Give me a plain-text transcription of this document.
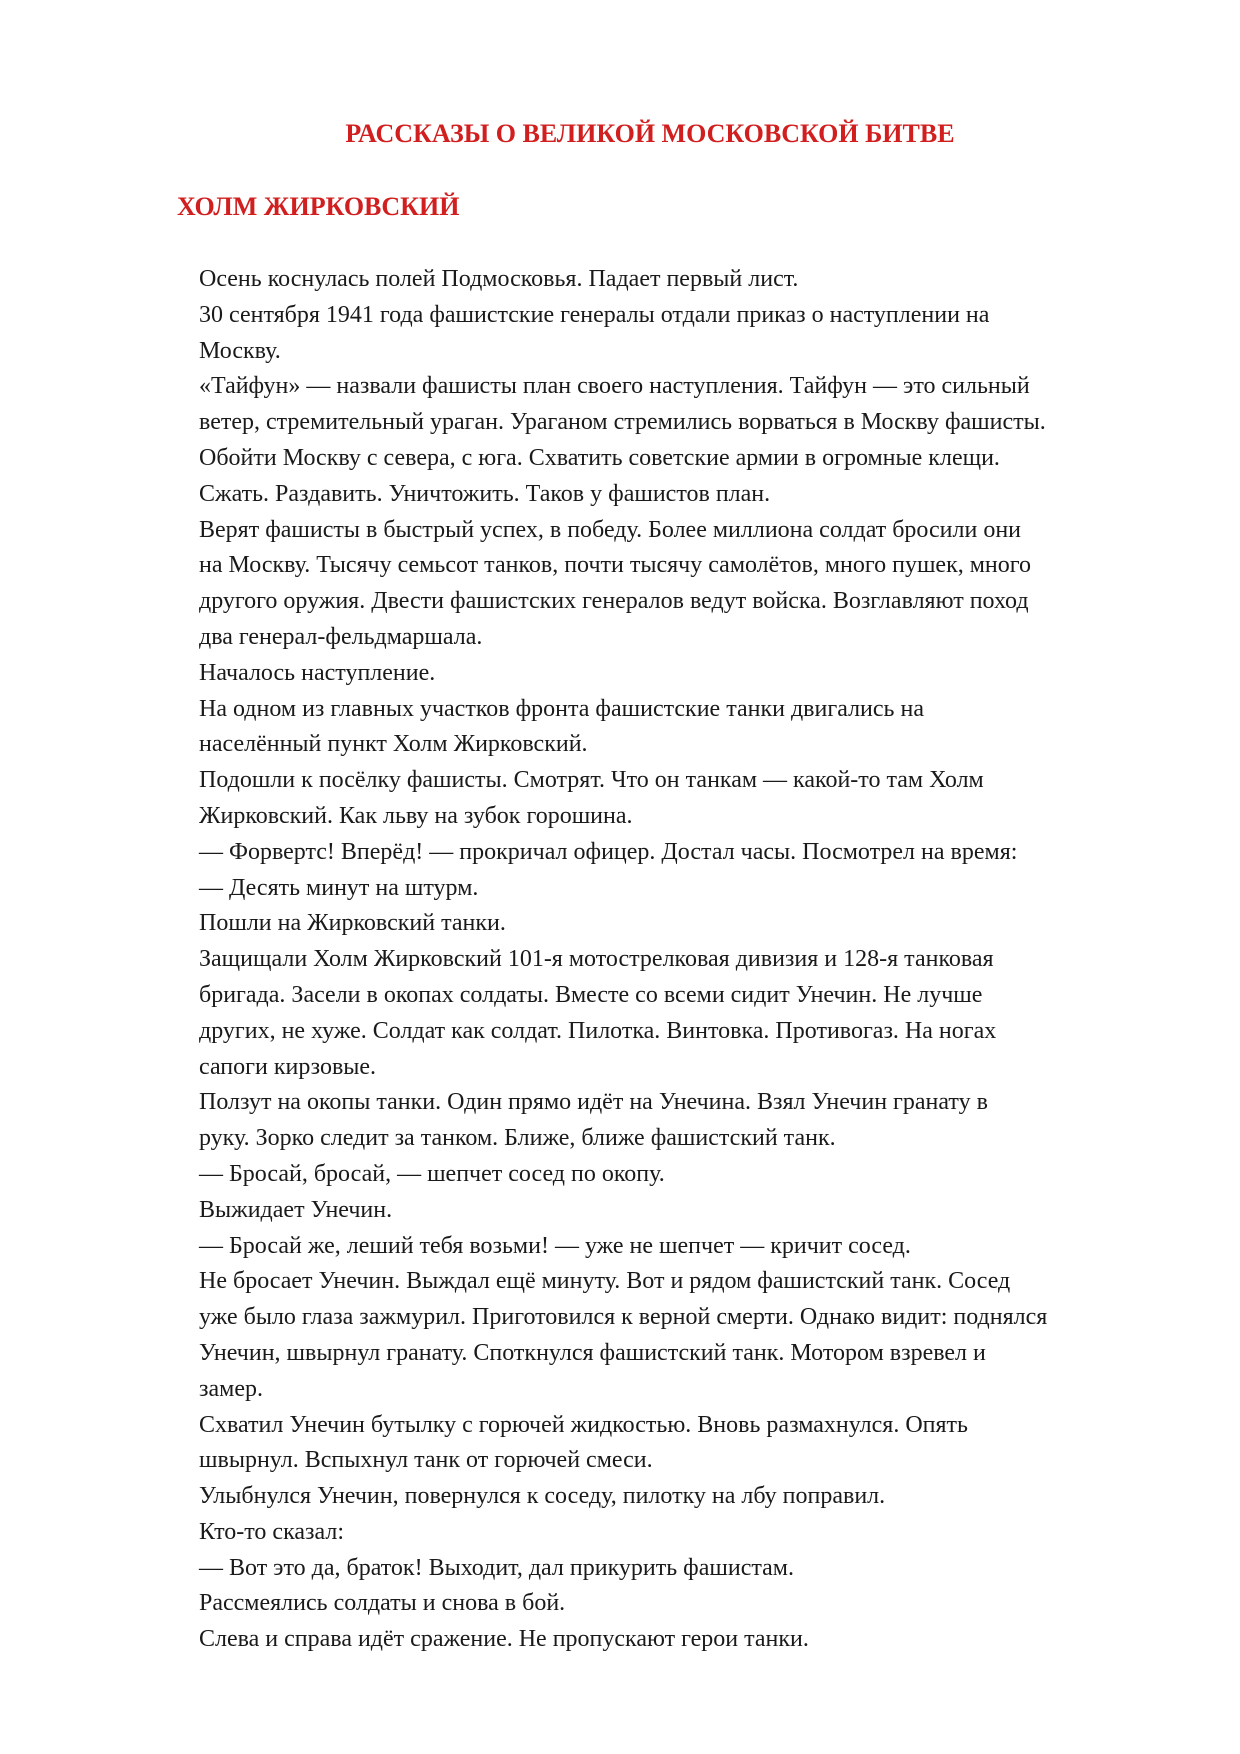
РАССКАЗЫ О ВЕЛИКОЙ МОСКОВСКОЙ БИТВЕ
ХОЛМ ЖИРКОВСКИЙ

Осень коснулась полей Подмосковья. Падает первый лист.

30 сентября 1941 года фашистские генералы отдали приказ о наступлении на
Москву.

«Тайфун» — назвали фашисты план своего наступления. Тайфун — это сильный
ветер, стремительный ураган. Ураганом стремились ворваться в Москву фашисты.

Обойти Москву с севера, с юга. Схватить советские армии в огромные клещи.
Сжать. Раздавить. Уничтожить. Таков у фашистов план.

Верят фашисты в быстрый успех, в победу. Более миллиона солдат бросили они
на Москву. Тысячу семьсот танков, почти тысячу самолётов, много пушек, много
другого оружия. Двести фашистских генералов ведут войска. Возглавляют поход
два генерал-фельдмаршала.

Началось наступление.

На одном из главных участков фронта фашистские танки двигались на
населённый пункт Холм Жирковский.

Подошли к посёлку фашисты. Смотрят. Что он танкам — какой-то там Холм
Жирковский. Как льву на зубок горошина.

— Форвертс! Вперёд! — прокричал офицер. Достал часы. Посмотрел на время:
— Десять минут на штурм.

Пошли на Жирковский танки.

Защищали Холм Жирковский 101-я мотострелковая дивизия и 128-я танковая
бригада. Засели в окопах солдаты. Вместе со всеми сидит Унечин. Не лучше
других, не хуже. Солдат как солдат. Пилотка. Винтовка. Противогаз. На ногах
сапоги кирзовые.

Ползут на окопы танки. Один прямо идёт на Унечина. Взял Унечин гранату в
руку. Зорко следит за танком. Ближе, ближе фашистский танк.

— Бросай, бросай, — шепчет сосед по окопу.

Выжидает Унечин.

— Бросай же, леший тебя возьми! — уже не шепчет — кричит сосед.

Не бросает Унечин. Выждал ещё минуту. Вот и рядом фашистский танк. Сосед
уже было глаза зажмурил. Приготовился к верной смерти. Однако видит: поднялся
Унечин, швырнул гранату. Споткнулся фашистский танк. Мотором взревел и
замер.

Схватил Унечин бутылку с горючей жидкостью. Вновь размахнулся. Опять
швырнул. Вспыхнул танк от горючей смеси.

Улыбнулся Унечин, повернулся к соседу, пилотку на лбу поправил.

Кто-то сказал:

— Вот это да, браток! Выходит, дал прикурить фашистам.

Рассмеялись солдаты и снова в бой.

Слева и справа идёт сражение. Не пропускают герои танки.
